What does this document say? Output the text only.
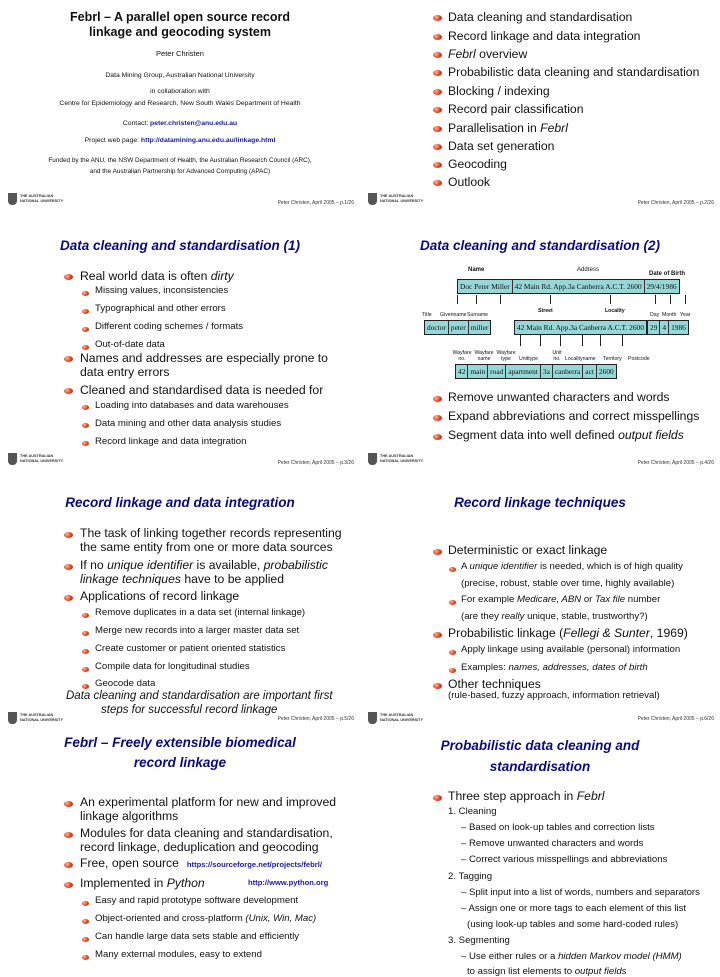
Febrl – A parallel open source record
linkage and geocoding system
Peter Christen
Data Mining Group, Australian National University
in collaboration with
Centre for Epidemiology and Research, New South Wales Department of Health
Contact: peter.christen@anu.edu.au
Project web page: http://datamining.anu.edu.au/linkage.html
Funded by the ANU, the NSW Department of Health, the Australian Research Council (ARC),
and the Australian Partnership for Advanced Computing (APAC)
THE AUSTRALIAN
NATIONAL UNIVERSITY	Peter Christen, April 2005 – p.1/26
Data cleaning and standardisation
Record linkage and data integration
Febrl overview
Probabilistic data cleaning and standardisation
Blocking / indexing
Record pair classification
Parallelisation in Febrl
Data set generation
Geocoding
Outlook
THE AUSTRALIAN
NATIONAL UNIVERSITY	Peter Christen, April 2005 – p.2/26
Data cleaning and standardisation (1)
Real world data is often dirty
Missing values, inconsistencies
Typographical and other errors
Different coding schemes / formats
Out-of-date data
Names and addresses are especially prone to
data entry errors
Cleaned and standardised data is needed for
Loading into databases and data warehouses
Data mining and other data analysis studies
Record linkage and data integration
THE AUSTRALIAN
NATIONAL UNIVERSITY	Peter Christen, April 2005 – p.3/26
Data cleaning and standardisation (2)
Name	Address
Date of Birth
Doc Peter Miller 42 Main Rd. App.3a Canberra A.C.T. 2600 29/4/1986
Title Givenname Surname
Street	Locality
Day Month Year
doctor peter miller	42 Main Rd. App.3a Canberra A.C.T. 2600 29 4 1986
Wayfare no.
Wayfare name
Wayfare type	Unittype
Unit no. Localityname Territory Postcode
42 main road apartment 3a canberra act 2600
Remove unwanted characters and words
Expand abbreviations and correct misspellings
Segment data into well defined output fields
THE AUSTRALIAN
NATIONAL UNIVERSITY	Peter Christen, April 2005 – p.4/26
Record linkage and data integration
The task of linking together records representing
the same entity from one or more data sources
If no unique identifier is available, probabilistic
linkage techniques have to be applied
Applications of record linkage
Remove duplicates in a data set (internal linkage)
Merge new records into a larger master data set
Create customer or patient oriented statistics
Compile data for longitudinal studies
Geocode data
Data cleaning and standardisation are important first
steps for successful record linkage
THE AUSTRALIAN
NATIONAL UNIVERSITY	Peter Christen, April 2005 – p.5/26
Record linkage techniques
Deterministic or exact linkage
A unique identifier is needed, which is of high quality
(precise, robust, stable over time, highly available)
For example Medicare, ABN or Tax file number
(are they really unique, stable, trustworthy?)
Probabilistic linkage (Fellegi & Sunter, 1969)
Apply linkage using available (personal) information
Examples: names, addresses, dates of birth
Other techniques
(rule-based, fuzzy approach, information retrieval)
THE AUSTRALIAN
NATIONAL UNIVERSITY	Peter Christen, April 2005 – p.6/26
Febrl – Freely extensible biomedical
record linkage
An experimental platform for new and improved
linkage algorithms
Modules for data cleaning and standardisation,
record linkage, deduplication and geocoding
Free, open source https://sourceforge.net/projects/febrl/
Implemented in Python	http://www.python.org
Easy and rapid prototype software development
Object-oriented and cross-platform (Unix, Win, Mac)
Can handle large data sets stable and efficiently
Many external modules, easy to extend
Probabilistic data cleaning and
standardisation
Three step approach in Febrl
1. Cleaning
– Based on look-up tables and correction lists
– Remove unwanted characters and words
– Correct various misspellings and abbreviations
2. Tagging
– Split input into a list of words, numbers and separators
– Assign one or more tags to each element of this list
(using look-up tables and some hard-coded rules)
3. Segmenting
– Use either rules or a hidden Markov model (HMM)
to assign list elements to output fields
